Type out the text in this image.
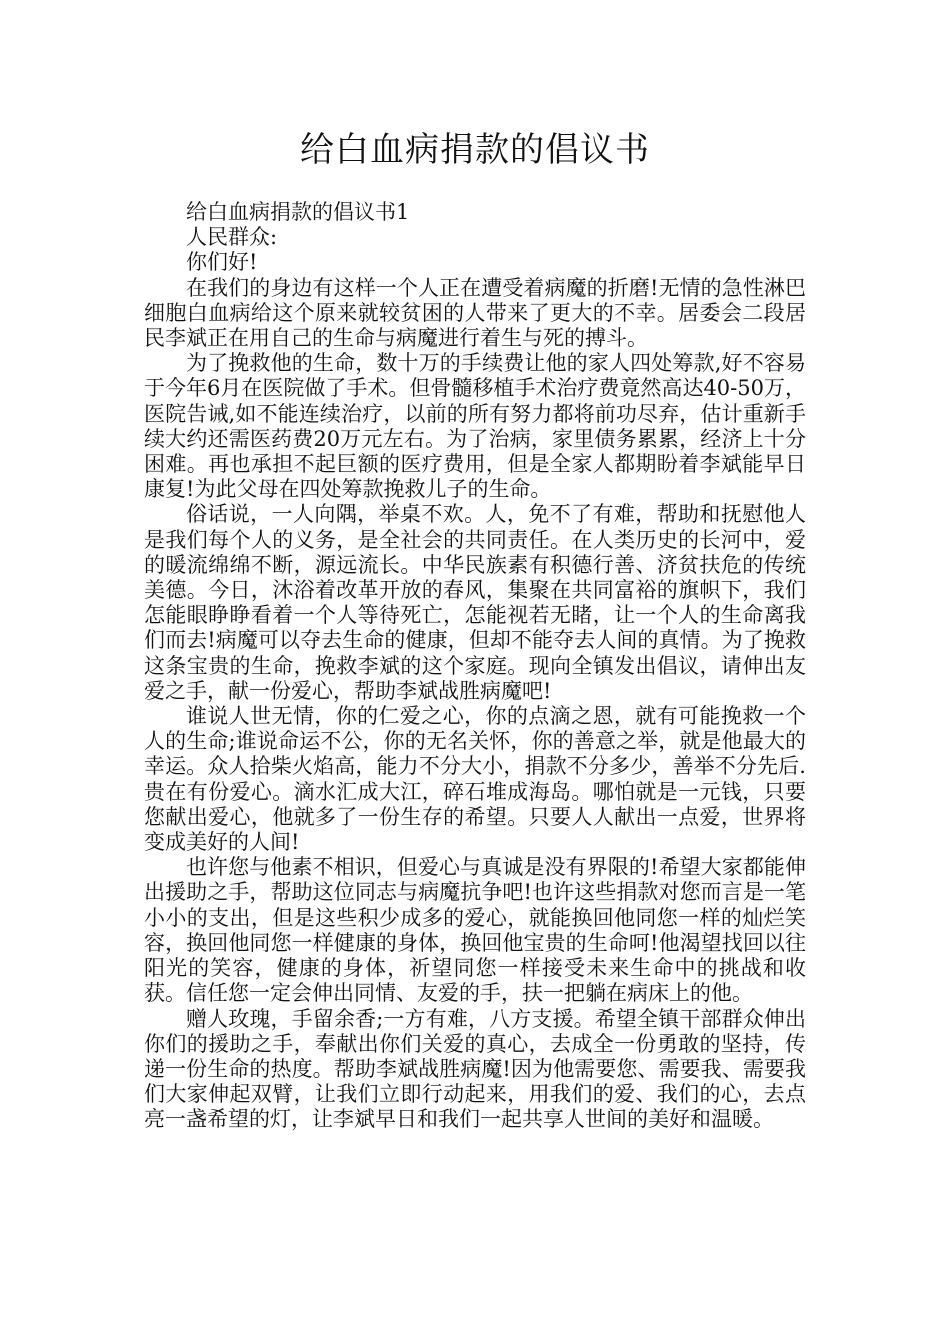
给白血病捐款的倡议书

给白血病捐款的倡议书1

人民群众:

你们好!

在我们的身边有这样一个人正在遭受着病魔的折磨!无情的急性淋巴细胞白血病给这个原来就较贫困的人带来了更大的不幸。居委会二段居民李斌正在用自己的生命与病魔进行着生与死的搏斗。

为了挽救他的生命，数十万的手续费让他的家人四处筹款,好不容易于今年6月在医院做了手术。但骨髓移植手术治疗费竟然高达40-50万，医院告诫,如不能连续治疗，以前的所有努力都将前功尽弃，估计重新手续大约还需医药费20万元左右。为了治病，家里债务累累，经济上十分困难。再也承担不起巨额的医疗费用，但是全家人都期盼着李斌能早日康复!为此父母在四处筹款挽救儿子的生命。

俗话说，一人向隅，举桌不欢。人，免不了有难，帮助和抚慰他人是我们每个人的义务，是全社会的共同责任。在人类历史的长河中，爱的暖流绵绵不断，源远流长。中华民族素有积德行善、济贫扶危的传统美德。今日，沐浴着改革开放的春风，集聚在共同富裕的旗帜下，我们怎能眼睁睁看着一个人等待死亡，怎能视若无睹，让一个人的生命离我们而去!病魔可以夺去生命的健康，但却不能夺去人间的真情。为了挽救这条宝贵的生命，挽救李斌的这个家庭。现向全镇发出倡议，请伸出友爱之手，献一份爱心，帮助李斌战胜病魔吧!

谁说人世无情，你的仁爱之心，你的点滴之恩，就有可能挽救一个人的生命;谁说命运不公，你的无名关怀，你的善意之举，就是他最大的幸运。众人拾柴火焰高，能力不分大小，捐款不分多少，善举不分先后.贵在有份爱心。滴水汇成大江，碎石堆成海岛。哪怕就是一元钱，只要您献出爱心，他就多了一份生存的希望。只要人人献出一点爱，世界将变成美好的人间!

也许您与他素不相识，但爱心与真诚是没有界限的!希望大家都能伸出援助之手，帮助这位同志与病魔抗争吧!也许这些捐款对您而言是一笔小小的支出，但是这些积少成多的爱心，就能换回他同您一样的灿烂笑容，换回他同您一样健康的身体，换回他宝贵的生命呵!他渴望找回以往阳光的笑容，健康的身体，祈望同您一样接受未来生命中的挑战和收获。信任您一定会伸出同情、友爱的手，扶一把躺在病床上的他。

赠人玫瑰，手留余香;一方有难，八方支援。希望全镇干部群众伸出你们的援助之手，奉献出你们关爱的真心，去成全一份勇敢的坚持，传递一份生命的热度。帮助李斌战胜病魔!因为他需要您、需要我、需要我们大家伸起双臂，让我们立即行动起来，用我们的爱、我们的心，去点亮一盏希望的灯，让李斌早日和我们一起共享人世间的美好和温暖。
